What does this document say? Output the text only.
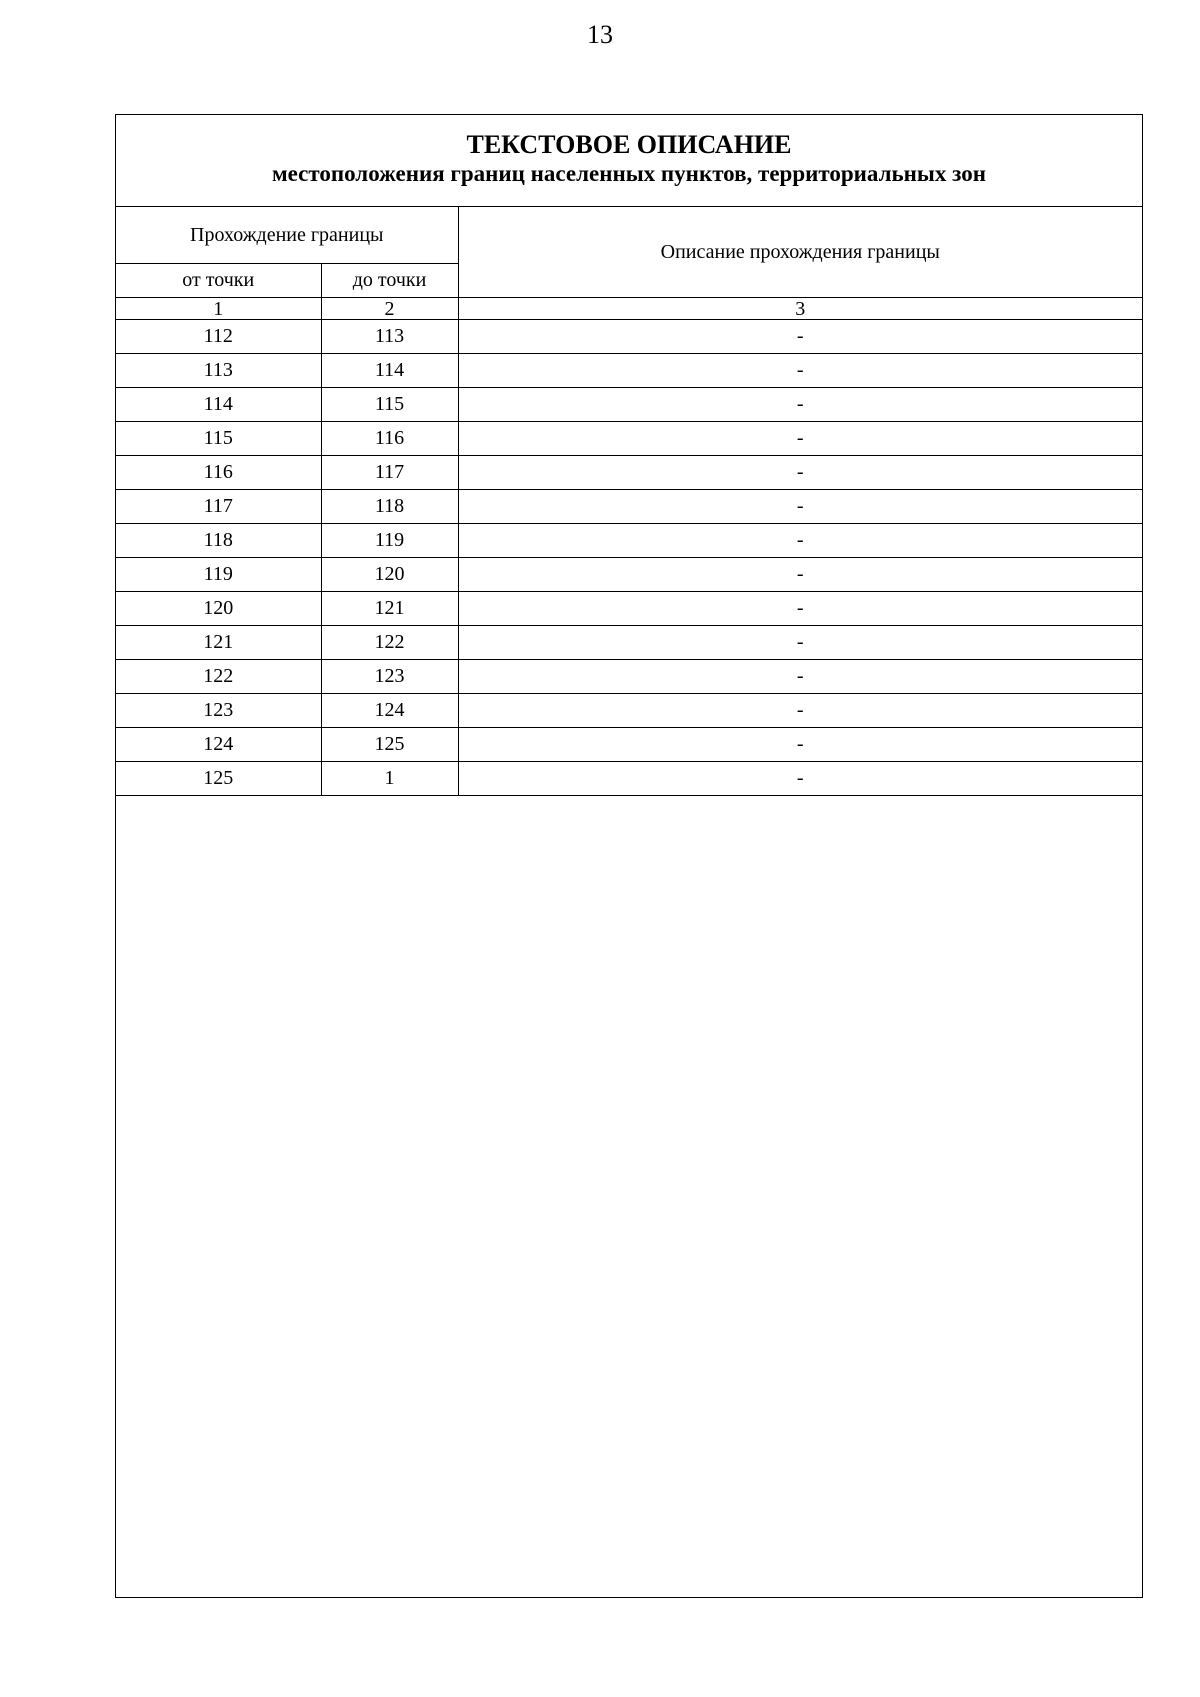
13
ТЕКСТОВОЕ ОПИСАНИЕ
местоположения границ населенных пунктов, территориальных зон
Прохождение границы		Описание прохождения границы
от точки	до точки	
1	2	3
112	113	-
113	114	-
114	115	-
115	116	-
116	117	-
117	118	-
118	119	-
119	120	-
120	121	-
121	122	-
122	123	-
123	124	-
124	125	-
125	1	-
